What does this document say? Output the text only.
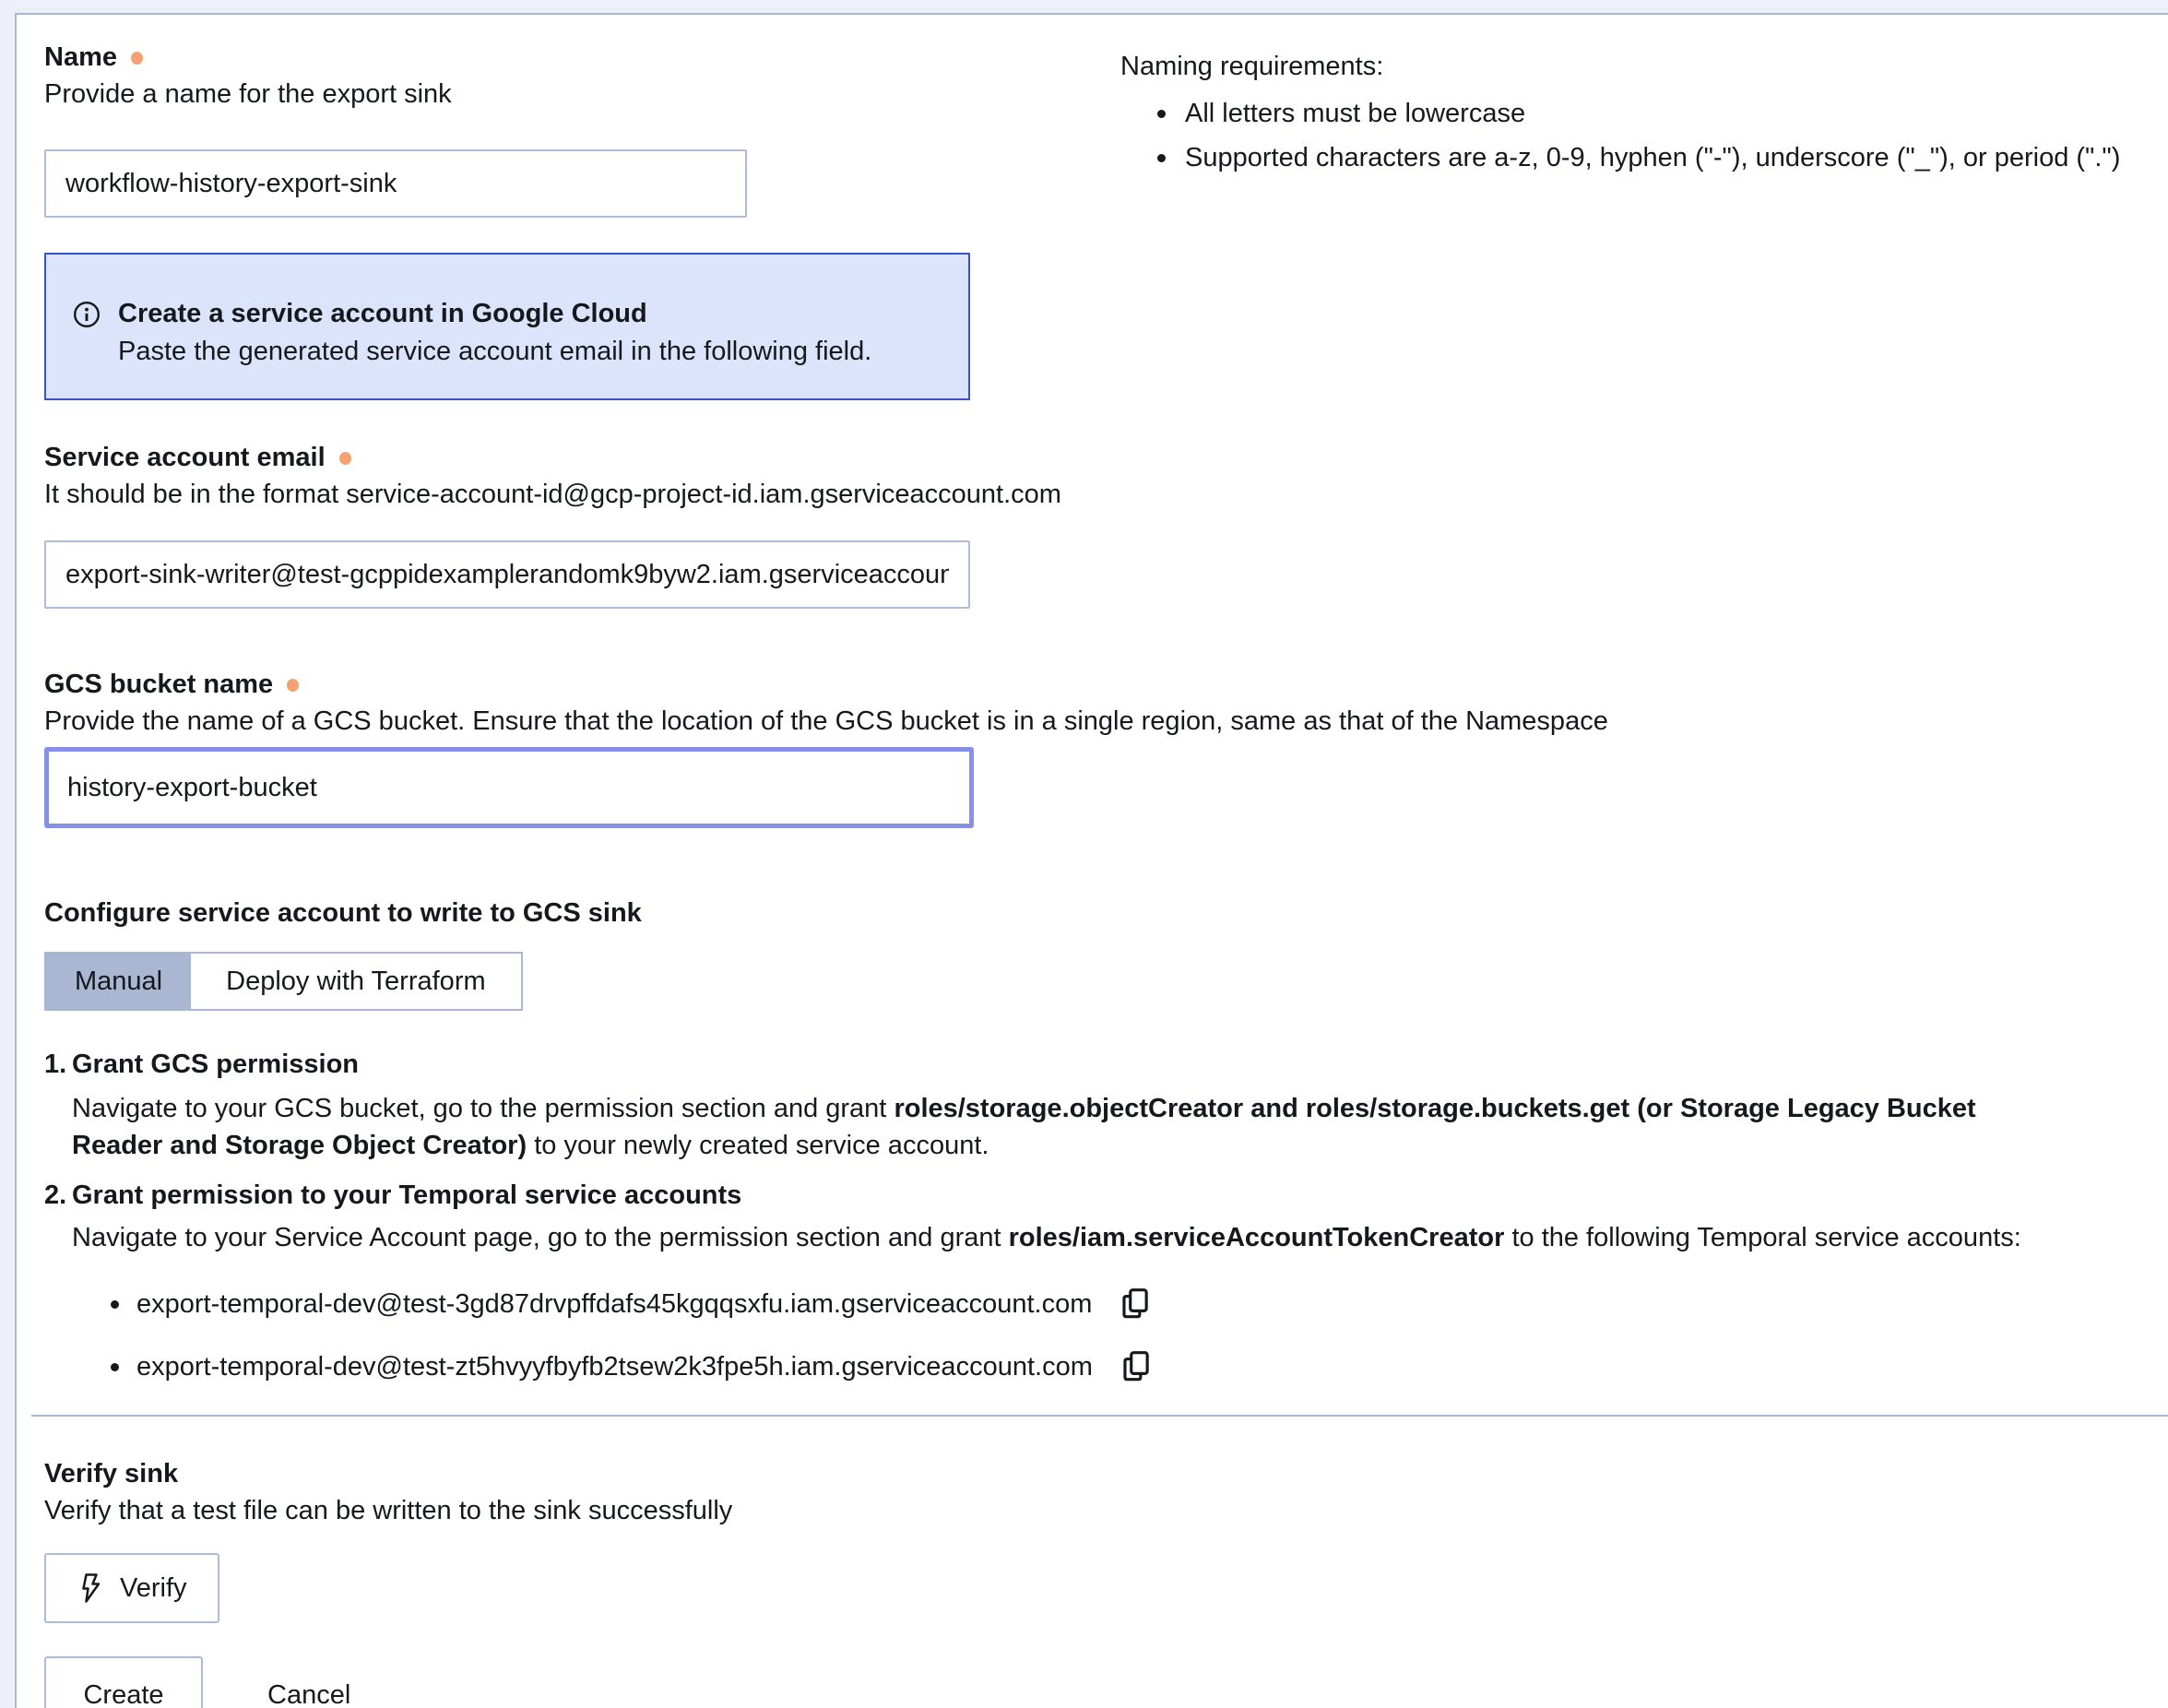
Name
Provide a name for the export sink
workflow-history-export-sink
Naming requirements:
All letters must be lowercase
Supported characters are a-z, 0-9, hyphen ("-"), underscore ("_"), or period (".")
Create a service account in Google Cloud
Paste the generated service account email in the following field.
Service account email
It should be in the format service-account-id@gcp-project-id.iam.gserviceaccount.com
export-sink-writer@test-gcppidexamplerandomk9byw2.iam.gserviceaccount.com
GCS bucket name
Provide the name of a GCS bucket. Ensure that the location of the GCS bucket is in a single region, same as that of the Namespace
history-export-bucket
Configure service account to write to GCS sink
Manual Deploy with Terraform
1. Grant GCS permission
Navigate to your GCS bucket, go to the permission section and grant roles/storage.objectCreator and roles/storage.buckets.get (or Storage Legacy Bucket Reader and Storage Object Creator) to your newly created service account.
2. Grant permission to your Temporal service accounts
Navigate to your Service Account page, go to the permission section and grant roles/iam.serviceAccountTokenCreator to the following Temporal service accounts:
export-temporal-dev@test-3gd87drvpffdafs45kgqqsxfu.iam.gserviceaccount.com
export-temporal-dev@test-zt5hvyyfbyfb2tsew2k3fpe5h.iam.gserviceaccount.com
Verify sink
Verify that a test file can be written to the sink successfully
Verify
Create	Cancel
